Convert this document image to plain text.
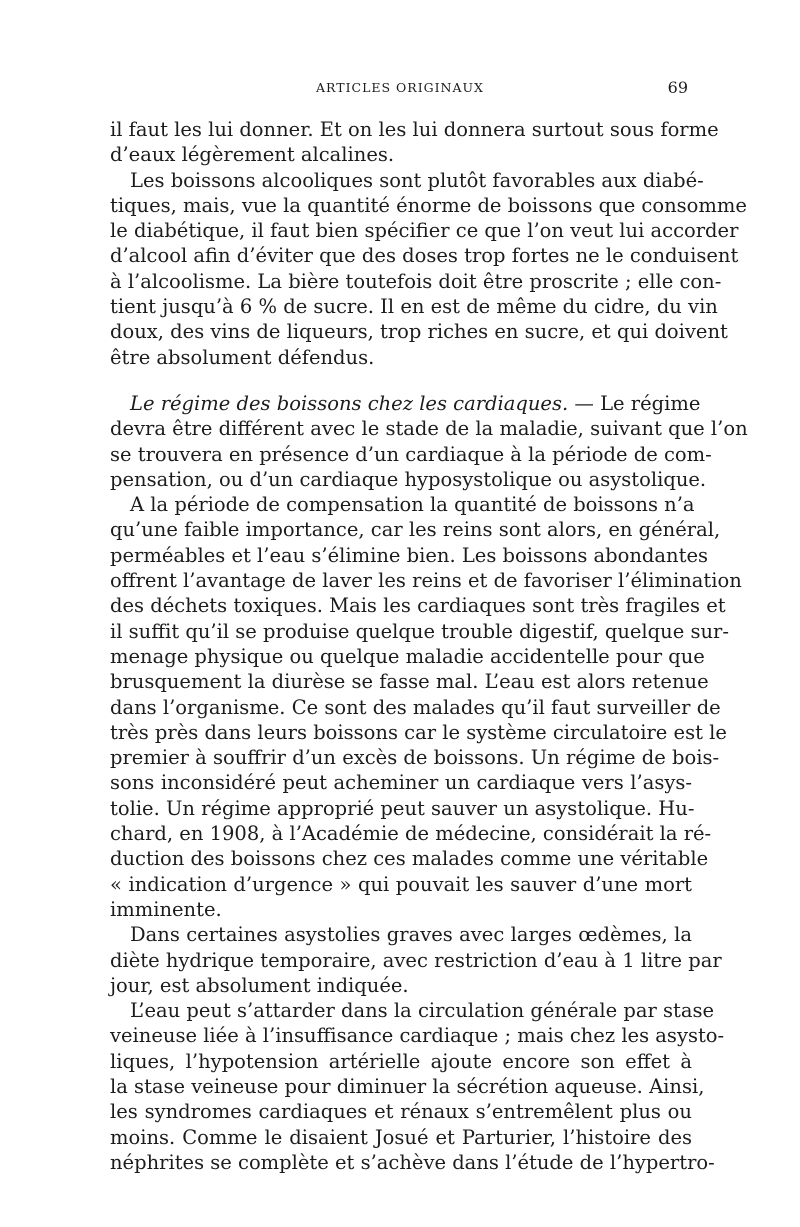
ARTICLES ORIGINAUX	69
il faut les lui donner. Et on les lui donnera surtout sous forme
d’eaux légèrement alcalines.
Les boissons alcooliques sont plutôt favorables aux diabé-
tiques, mais, vue la quantité énorme de boissons que consomme
le diabétique, il faut bien spécifier ce que l’on veut lui accorder
d’alcool afin d’éviter que des doses trop fortes ne le conduisent
à l’alcoolisme. La bière toutefois doit être proscrite ; elle con-
tient jusqu’à 6 % de sucre. Il en est de même du cidre, du vin
doux, des vins de liqueurs, trop riches en sucre, et qui doivent
être absolument défendus.
Le régime des boissons chez les cardiaques. — Le régime
devra être différent avec le stade de la maladie, suivant que l’on
se trouvera en présence d’un cardiaque à la période de com-
pensation, ou d’un cardiaque hyposystolique ou asystolique.
A la période de compensation la quantité de boissons n’a
qu’une faible importance, car les reins sont alors, en général,
perméables et l’eau s’élimine bien. Les boissons abondantes
offrent l’avantage de laver les reins et de favoriser l’élimination
des déchets toxiques. Mais les cardiaques sont très fragiles et
il suffit qu’il se produise quelque trouble digestif, quelque sur-
menage physique ou quelque maladie accidentelle pour que
brusquement la diurèse se fasse mal. L’eau est alors retenue
dans l’organisme. Ce sont des malades qu’il faut surveiller de
très près dans leurs boissons car le système circulatoire est le
premier à souffrir d’un excès de boissons. Un régime de bois-
sons inconsidéré peut acheminer un cardiaque vers l’asys-
tolie. Un régime approprié peut sauver un asystolique. Hu-
chard, en 1908, à l’Académie de médecine, considérait la ré-
duction des boissons chez ces malades comme une véritable
« indication d’urgence » qui pouvait les sauver d’une mort
imminente.
Dans certaines asystolies graves avec larges œdèmes, la
diète hydrique temporaire, avec restriction d’eau à 1 litre par
jour, est absolument indiquée.
L’eau peut s’attarder dans la circulation générale par stase
veineuse liée à l’insuffisance cardiaque ; mais chez les asysto-
liques, l’hypotension artérielle ajoute encore son effet à
la stase veineuse pour diminuer la sécrétion aqueuse. Ainsi,
les syndromes cardiaques et rénaux s’entremêlent plus ou
moins. Comme le disaient Josué et Parturier, l’histoire des
néphrites se complète et s’achève dans l’étude de l’hypertro-
